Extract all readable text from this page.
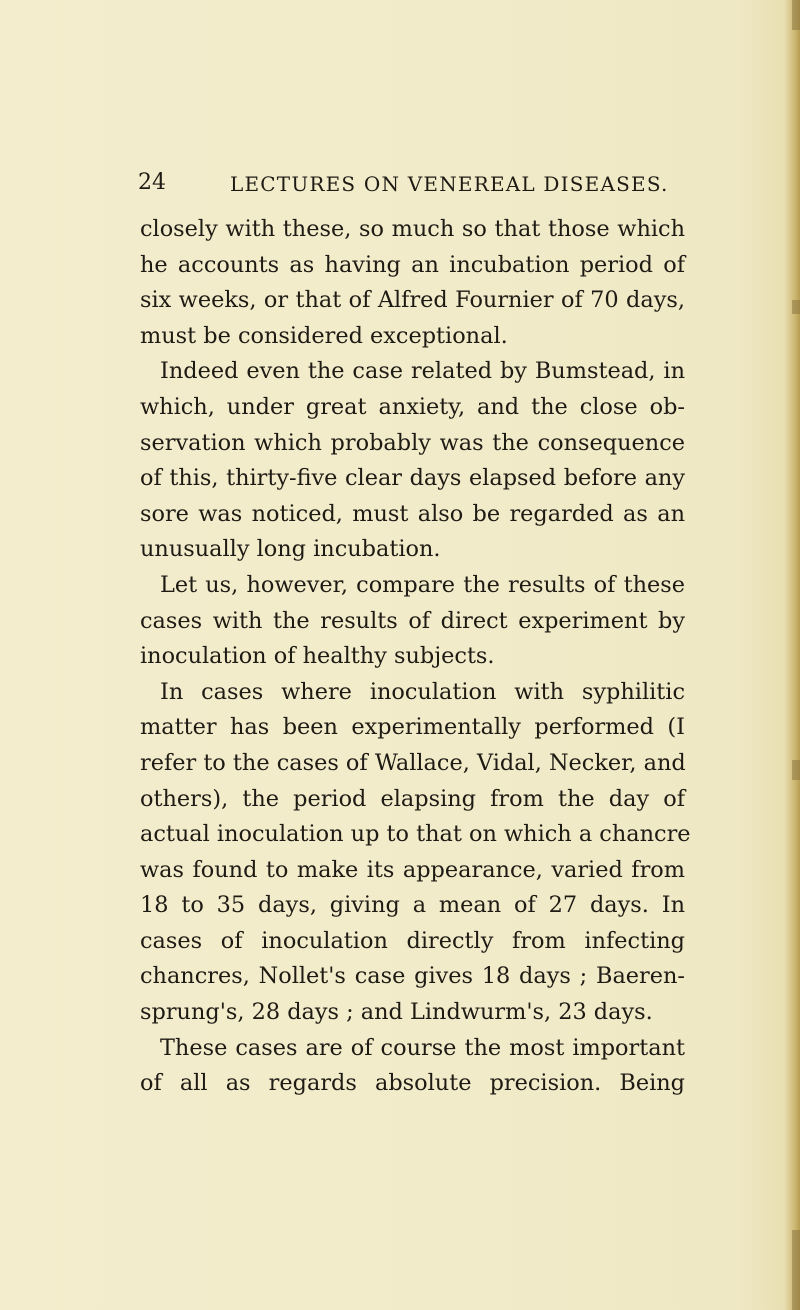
24	LECTURES ON VENEREAL DISEASES.
closely with these, so much so that those which
he accounts as having an incubation period of
six weeks, or that of Alfred Fournier of 70 days,
must be considered exceptional.
Indeed even the case related by Bumstead, in
which, under great anxiety, and the close ob-
servation which probably was the consequence
of this, thirty-five clear days elapsed before any
sore was noticed, must also be regarded as an
unusually long incubation.
Let us, however, compare the results of these
cases with the results of direct experiment by
inoculation of healthy subjects.
In cases where inoculation with syphilitic
matter has been experimentally performed (I
refer to the cases of Wallace, Vidal, Necker, and
others), the period elapsing from the day of
actual inoculation up to that on which a chancre
was found to make its appearance, varied from
18 to 35 days, giving a mean of 27 days. In
cases of inoculation directly from infecting
chancres, Nollet's case gives 18 days ; Baeren-
sprung's, 28 days ; and Lindwurm's, 23 days.
These cases are of course the most important
of all as regards absolute precision. Being
